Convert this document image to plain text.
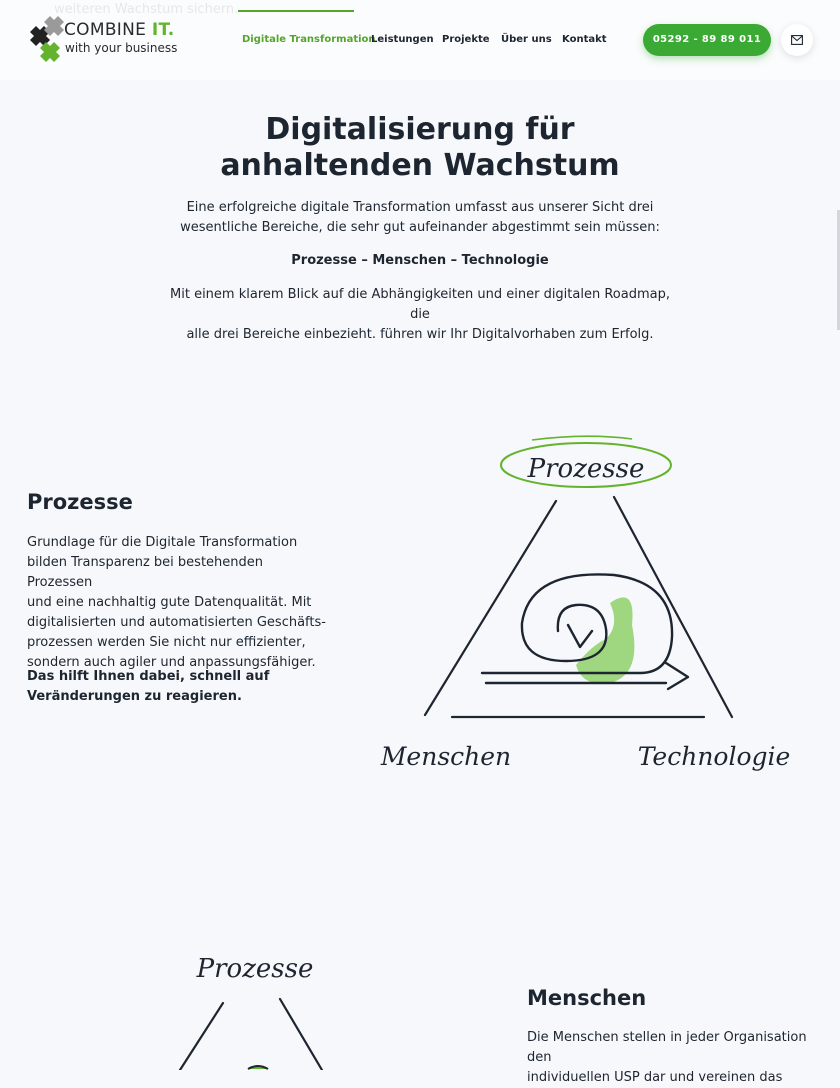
COMBINE IT.
with your business
Digitale Transformation
Leistungen Projekte Über uns Kontakt	05292 - 89 89 011
Digitalisierung für
anhaltenden Wachstum

Eine erfolgreiche digitale Transformation umfasst aus unserer Sicht drei
wesentliche Bereiche, die sehr gut aufeinander abgestimmt sein müssen:

Prozesse – Menschen – Technologie

Mit einem klarem Blick auf die Abhängigkeiten und einer digitalen Roadmap, die
alle drei Bereiche einbezieht. führen wir Ihr Digitalvorhaben zum Erfolg.

Prozesse

Grundlage für die Digitale Transformation
bilden Transparenz bei bestehenden Prozessen
und eine nachhaltig gute Datenqualität. Mit
digitalisierten und automatisierten Geschäfts-
prozessen werden Sie nicht nur effizienter,
sondern auch agiler und anpassungsfähiger.

Das hilft Ihnen dabei, schnell auf
Veränderungen zu reagieren.

Prozesse
Menschen	Technologie
Prozesse
Menschen

Die Menschen stellen in jeder Organisation den
individuellen USP dar und vereinen das
